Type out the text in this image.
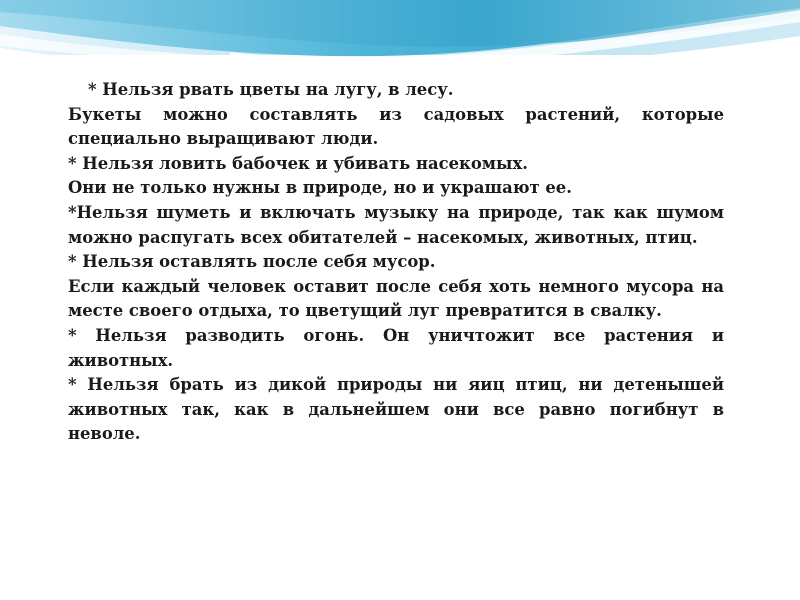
* Нельзя рвать цветы на лугу, в лесу.

Букеты можно составлять из садовых растений, которые специально выращивают люди.

* Нельзя ловить бабочек и убивать насекомых.

Они не только нужны в природе, но и украшают ее.

*Нельзя шуметь и включать музыку на природе, так как шумом можно распугать всех обитателей – насекомых, животных, птиц.

* Нельзя оставлять после себя мусор.

Если каждый человек оставит после себя хоть немного мусора на месте своего отдыха, то цветущий луг превратится в свалку.

* Нельзя разводить огонь. Он уничтожит все растения и животных.

* Нельзя брать из дикой природы ни яиц птиц, ни детенышей животных так, как в дальнейшем они все равно погибнут в неволе.
